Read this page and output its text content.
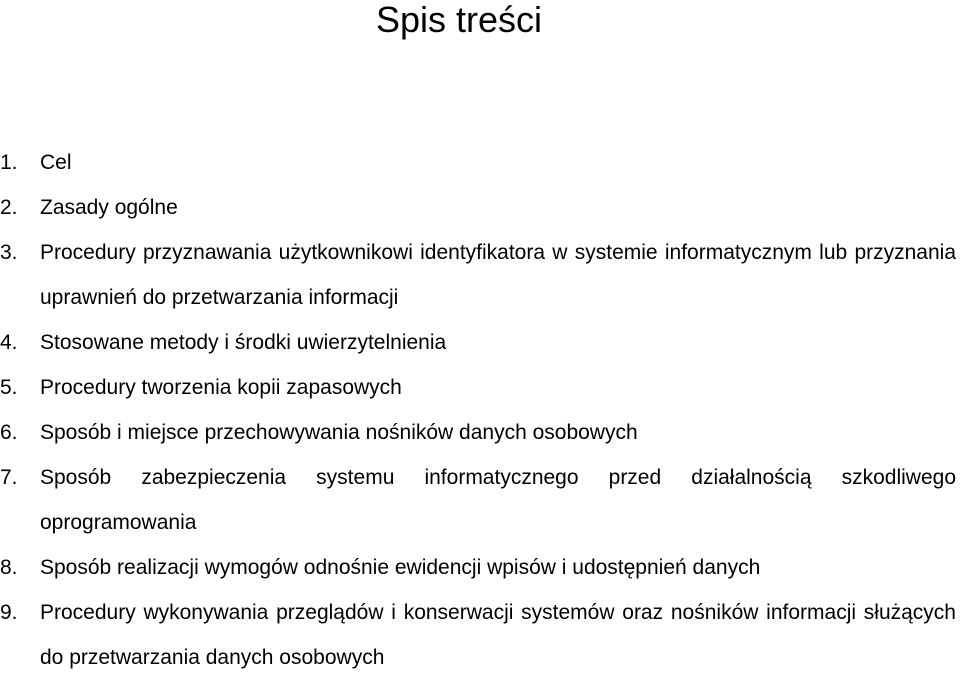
Spis treści
1. Cel
2. Zasady ogólne
3. Procedury przyznawania użytkownikowi identyfikatora w systemie informatycznym lub przyznania uprawnień do przetwarzania informacji
4. Stosowane metody i środki uwierzytelnienia
5. Procedury tworzenia kopii zapasowych
6. Sposób i miejsce przechowywania nośników danych osobowych
7. Sposób zabezpieczenia systemu informatycznego przed działalnością szkodliwego oprogramowania
8. Sposób realizacji wymogów odnośnie ewidencji wpisów i udostępnień danych
9. Procedury wykonywania przeglądów i konserwacji systemów oraz nośników informacji służących do przetwarzania danych osobowych
